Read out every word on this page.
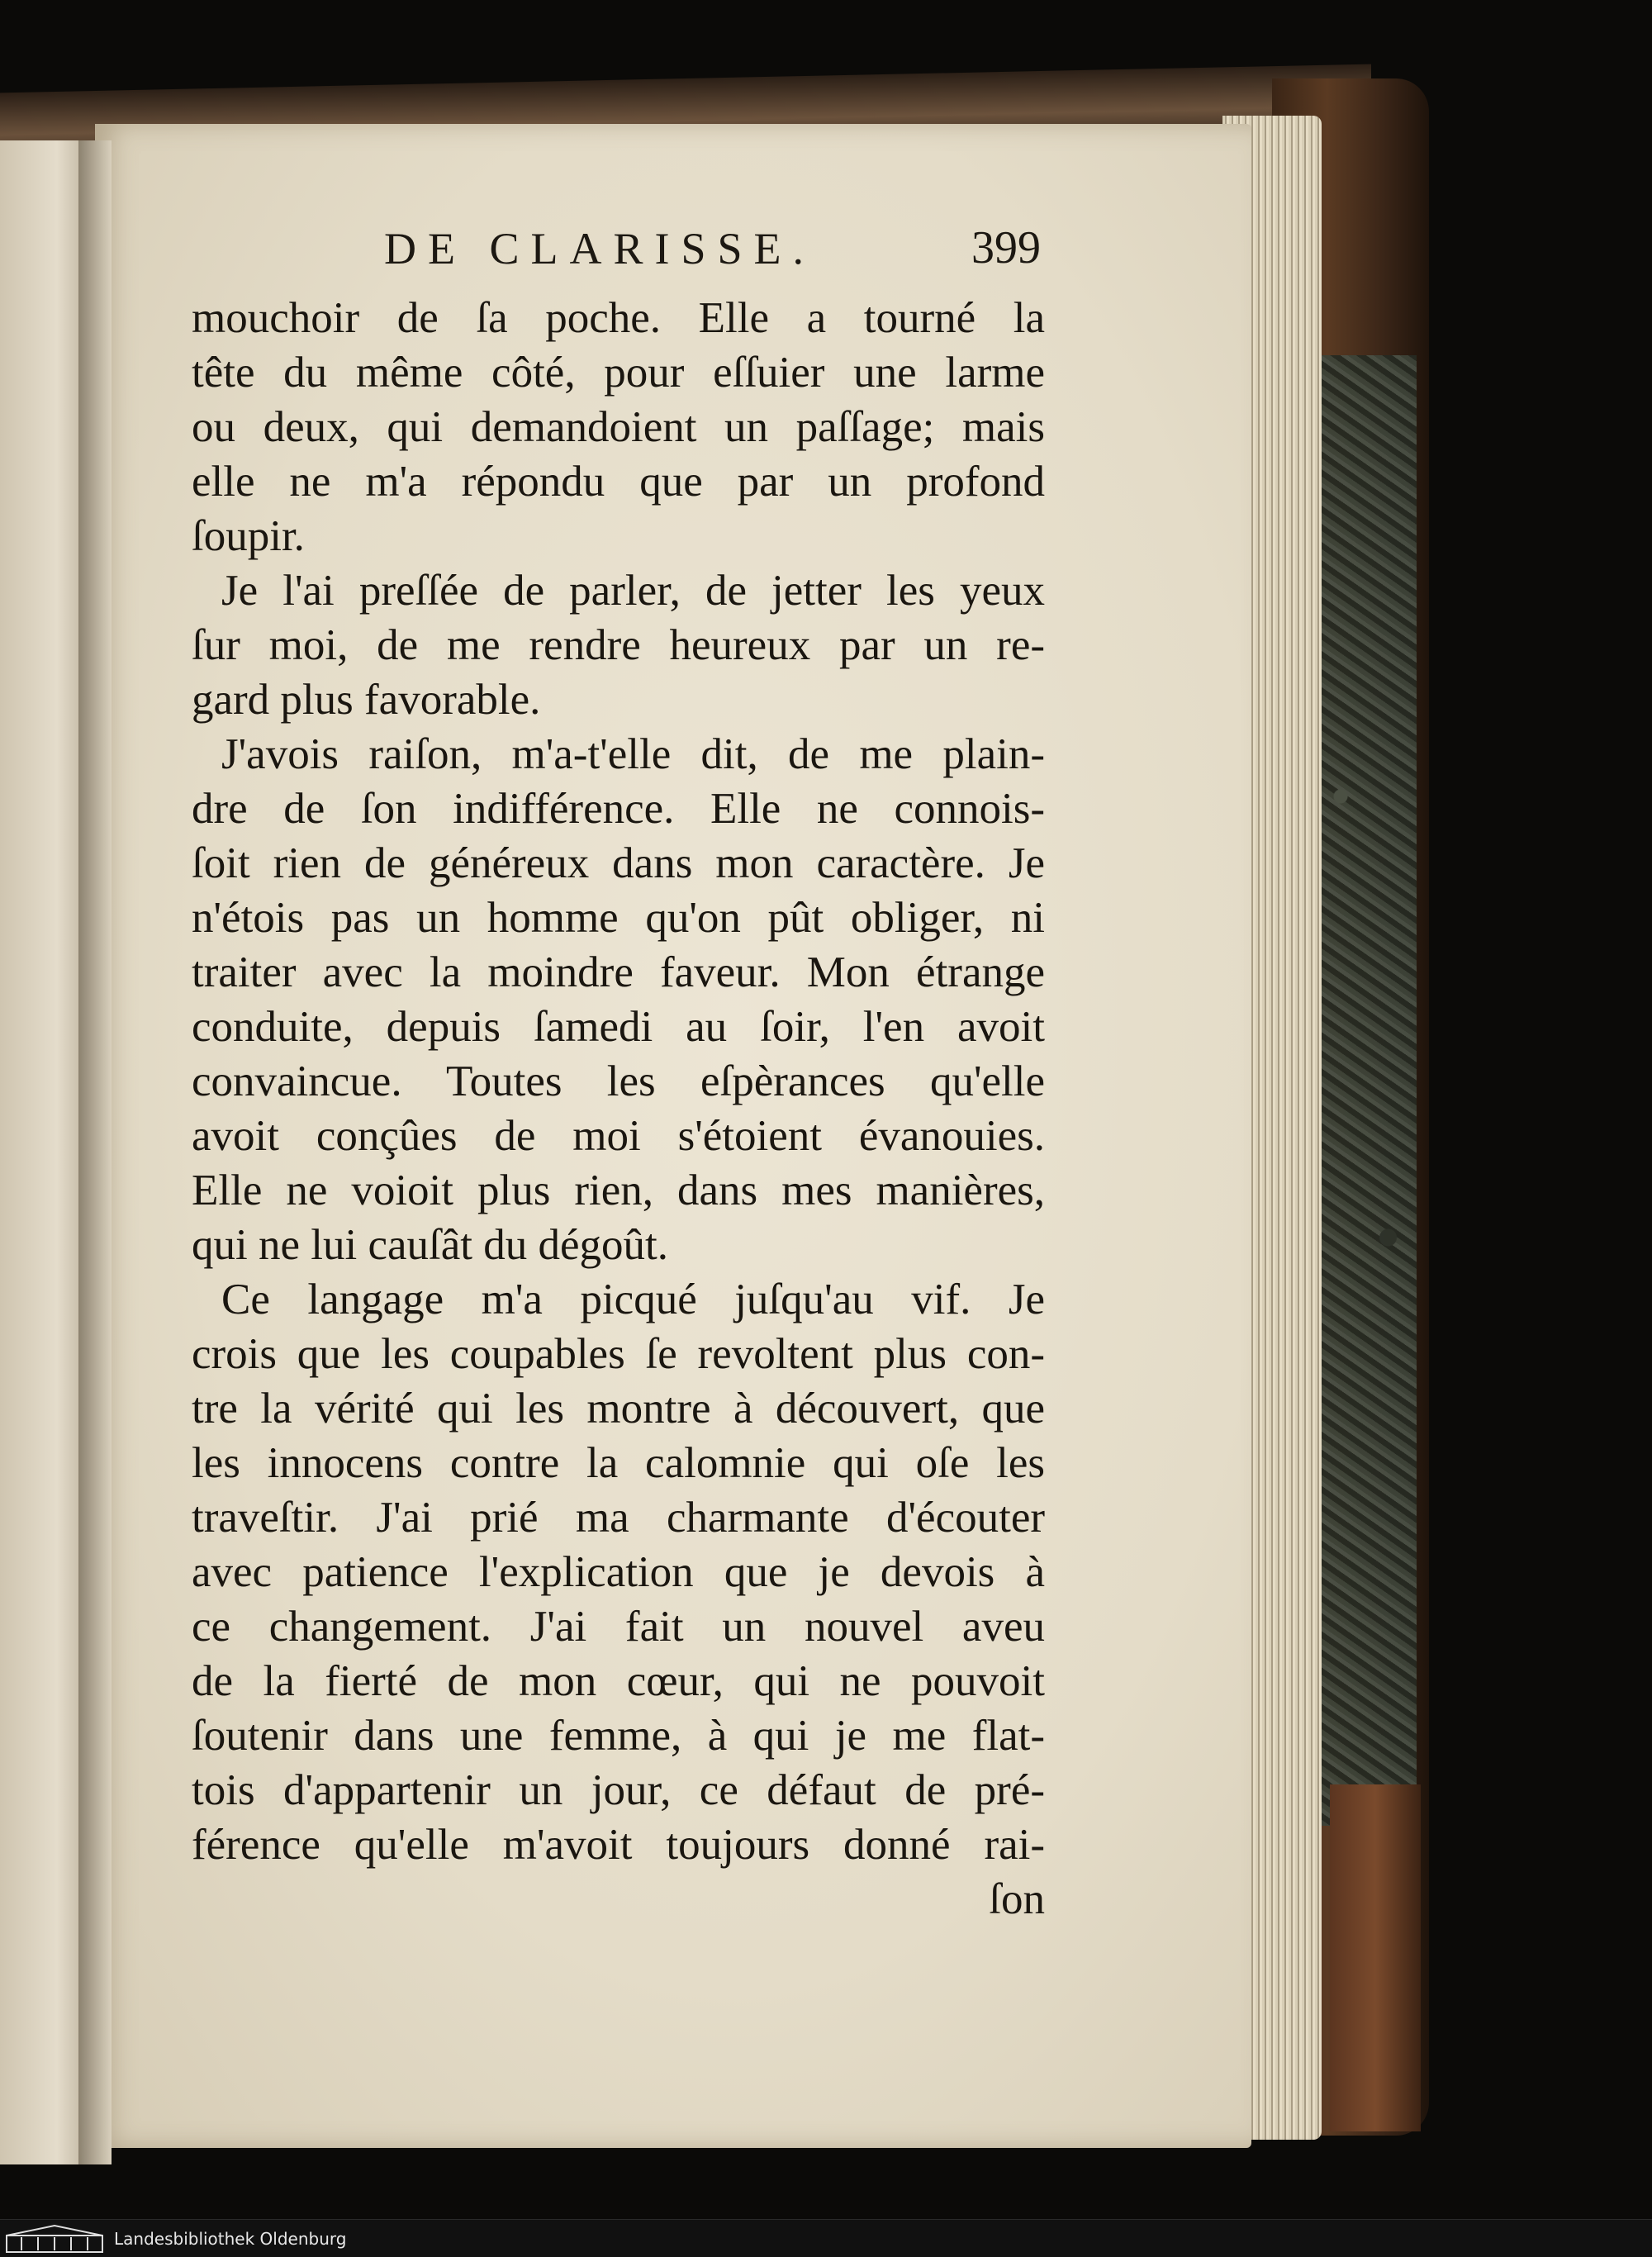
DE CLARISSE.	399
mouchoir de ſa poche. Elle a tourné la
tête du même côté, pour eſſuier une larme
ou deux, qui demandoient un paſſage; mais
elle ne m'a répondu que par un profond
ſoupir.
Je l'ai preſſée de parler, de jetter les yeux
ſur moi, de me rendre heureux par un re-
gard plus favorable.
J'avois raiſon, m'a-t'elle dit, de me plain-
dre de ſon indifférence. Elle ne connois-
ſoit rien de généreux dans mon caractère. Je
n'étois pas un homme qu'on pût obliger, ni
traiter avec la moindre faveur. Mon étrange
conduite, depuis ſamedi au ſoir, l'en avoit
convaincue. Toutes les eſpèrances qu'elle
avoit conçûes de moi s'étoient évanouies.
Elle ne voioit plus rien, dans mes manières,
qui ne lui cauſât du dégoût.
Ce langage m'a picqué juſqu'au vif. Je
crois que les coupables ſe revoltent plus con-
tre la vérité qui les montre à découvert, que
les innocens contre la calomnie qui oſe les
traveſtir. J'ai prié ma charmante d'écouter
avec patience l'explication que je devois à
ce changement. J'ai fait un nouvel aveu
de la fierté de mon cœur, qui ne pouvoit
ſoutenir dans une femme, à qui je me flat-
tois d'appartenir un jour, ce défaut de pré-
férence qu'elle m'avoit toujours donné rai-
ſon
Landesbibliothek Oldenburg
